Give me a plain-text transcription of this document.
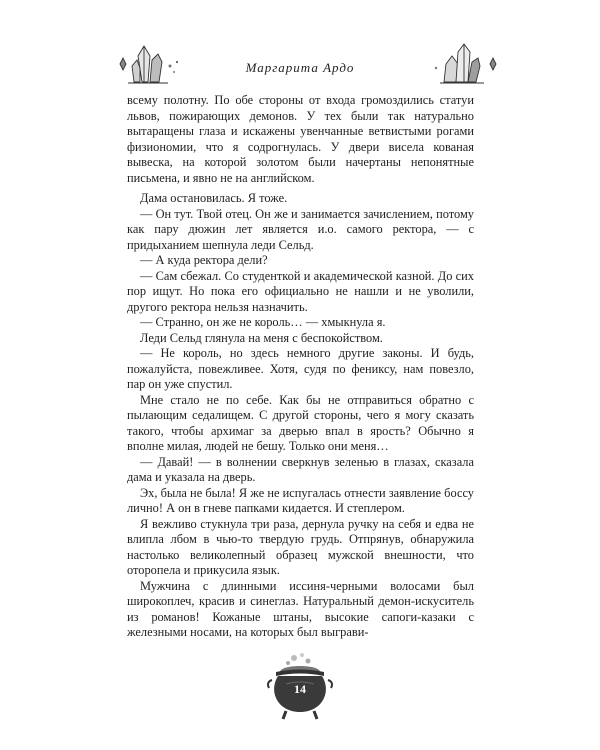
Маргарита Ардо

всему полотну. По обе стороны от входа громоздились статуи львов, пожирающих демонов. У тех были так натурально вытаращены глаза и искажены увенчанные ветвистыми рогами физиономии, что я содрогнулась. У двери висела кованая вывеска, на которой золотом были начертаны непонятные письмена, и явно не на английском.

Дама остановилась. Я тоже.

— Он тут. Твой отец. Он же и занимается зачислением, потому как пару дюжин лет является и.о. самого ректора, — с придыханием шепнула леди Сельд.

— А куда ректора дели?

— Сам сбежал. Со студенткой и академической казной. До сих пор ищут. Но пока его официально не нашли и не уволили, другого ректора нельзя назначить.

— Странно, он же не король… — хмыкнула я.

Леди Сельд глянула на меня с беспокойством.

— Не король, но здесь немного другие законы. И будь, пожалуйста, повежливее. Хотя, судя по фениксу, нам повезло, пар он уже спустил.

Мне стало не по себе. Как бы не отправиться обратно с пылающим седалищем. С другой стороны, чего я могу сказать такого, чтобы архимаг за дверью впал в ярость? Обычно я вполне милая, людей не бешу. Только они меня…

— Давай! — в волнении сверкнув зеленью в глазах, сказала дама и указала на дверь.

Эх, была не была! Я же не испугалась отнести заявление боссу лично! А он в гневе папками кидается. И степлером.

Я вежливо стукнула три раза, дернула ручку на себя и едва не влипла лбом в чью-то твердую грудь. Отпрянув, обнаружила настолько великолепный образец мужской внешности, что оторопела и прикусила язык.

Мужчина с длинными иссиня-черными волосами был широкоплеч, красив и синеглаз. Натуральный демон-искуситель из романов! Кожаные штаны, высокие сапоги-казаки с железными носами, на которых был выграви-

14
